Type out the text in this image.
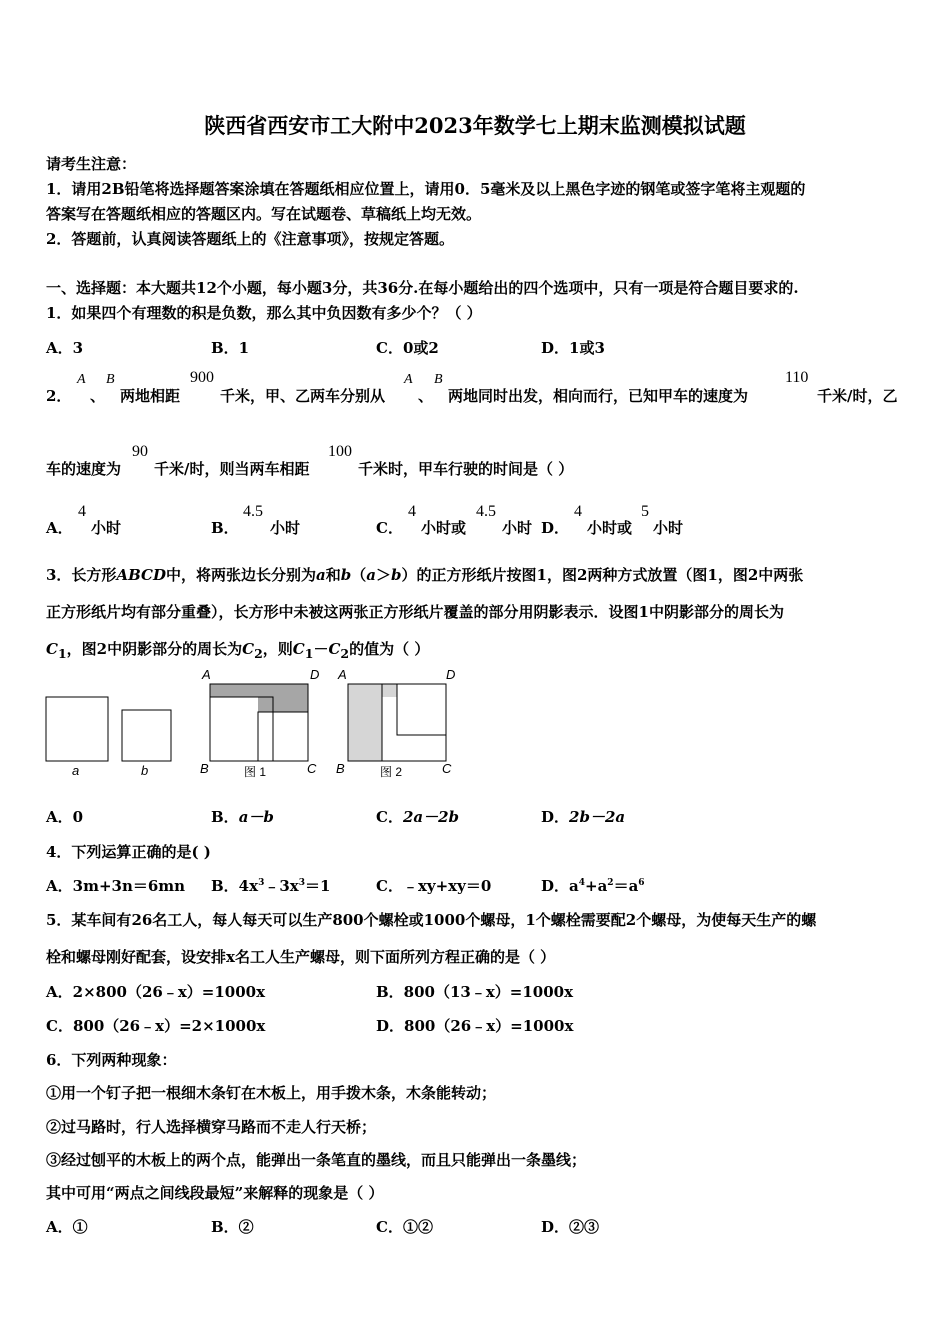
陕西省西安市工大附中2023年数学七上期末监测模拟试题
请考生注意：
1．请用2B铅笔将选择题答案涂填在答题纸相应位置上，请用0．5毫米及以上黑色字迹的钢笔或签字笔将主观题的
答案写在答题纸相应的答题区内。写在试题卷、草稿纸上均无效。
2．答题前，认真阅读答题纸上的《注意事项》，按规定答题。
一、选择题：本大题共12个小题，每小题3分，共36分.在每小题给出的四个选项中，只有一项是符合题目要求的.
1．如果四个有理数的积是负数，那么其中负因数有多少个？（ ）
A．3	B．1	C．0或2	D．1或3
2．
A
、
B
两地相距
900
千米，甲、乙两车分别从
A
、
B
两地同时出发，相向而行，已知甲车的速度为
110
千米/时，乙
车的速度为
90
千米/时，则当两车相距
100
千米时，甲车行驶的时间是（ ）
A．
4
小时	B．
4.5
小时	C．
4
小时或
4.5
小时 D．
4
小时或
5
小时
3．长方形ABCD中，将两张边长分别为a和b（a＞b）的正方形纸片按图1，图2两种方式放置（图1，图2中两张
正方形纸片均有部分重叠），长方形中未被这两张正方形纸片覆盖的部分用阴影表示．设图1中阴影部分的周长为
$C_1$，图2中阴影部分的周长为$C_2$，则$C_1-C_2$的值为（ ）
a	b
A	D
B	C
图 1
A	D
B	C
图 2
A．0	B．a－b	C．2a－2b	D．2b－2a
4．下列运算正确的是( )
A．3m+3n＝6mn B．$4x^3﹣3x^3=1$	C．﹣xy+xy＝0	D．$a^4+a^2=a^6$
5．某车间有26名工人，每人每天可以生产800个螺栓或1000个螺母，1个螺栓需要配2个螺母，为使每天生产的螺
栓和螺母刚好配套，设安排x名工人生产螺母，则下面所列方程正确的是（ ）
A．2×800（26﹣x）=1000x	B．800（13﹣x）=1000x
C．800（26﹣x）=2×1000x	D．800（26﹣x）=1000x
6．下列两种现象：
①用一个钉子把一根细木条钉在木板上，用手拨木条，木条能转动；
②过马路时，行人选择横穿马路而不走人行天桥；
③经过刨平的木板上的两个点，能弹出一条笔直的墨线，而且只能弹出一条墨线；
其中可用“两点之间线段最短”来解释的现象是（ ）
A．①	B．②	C．①②	D．②③
